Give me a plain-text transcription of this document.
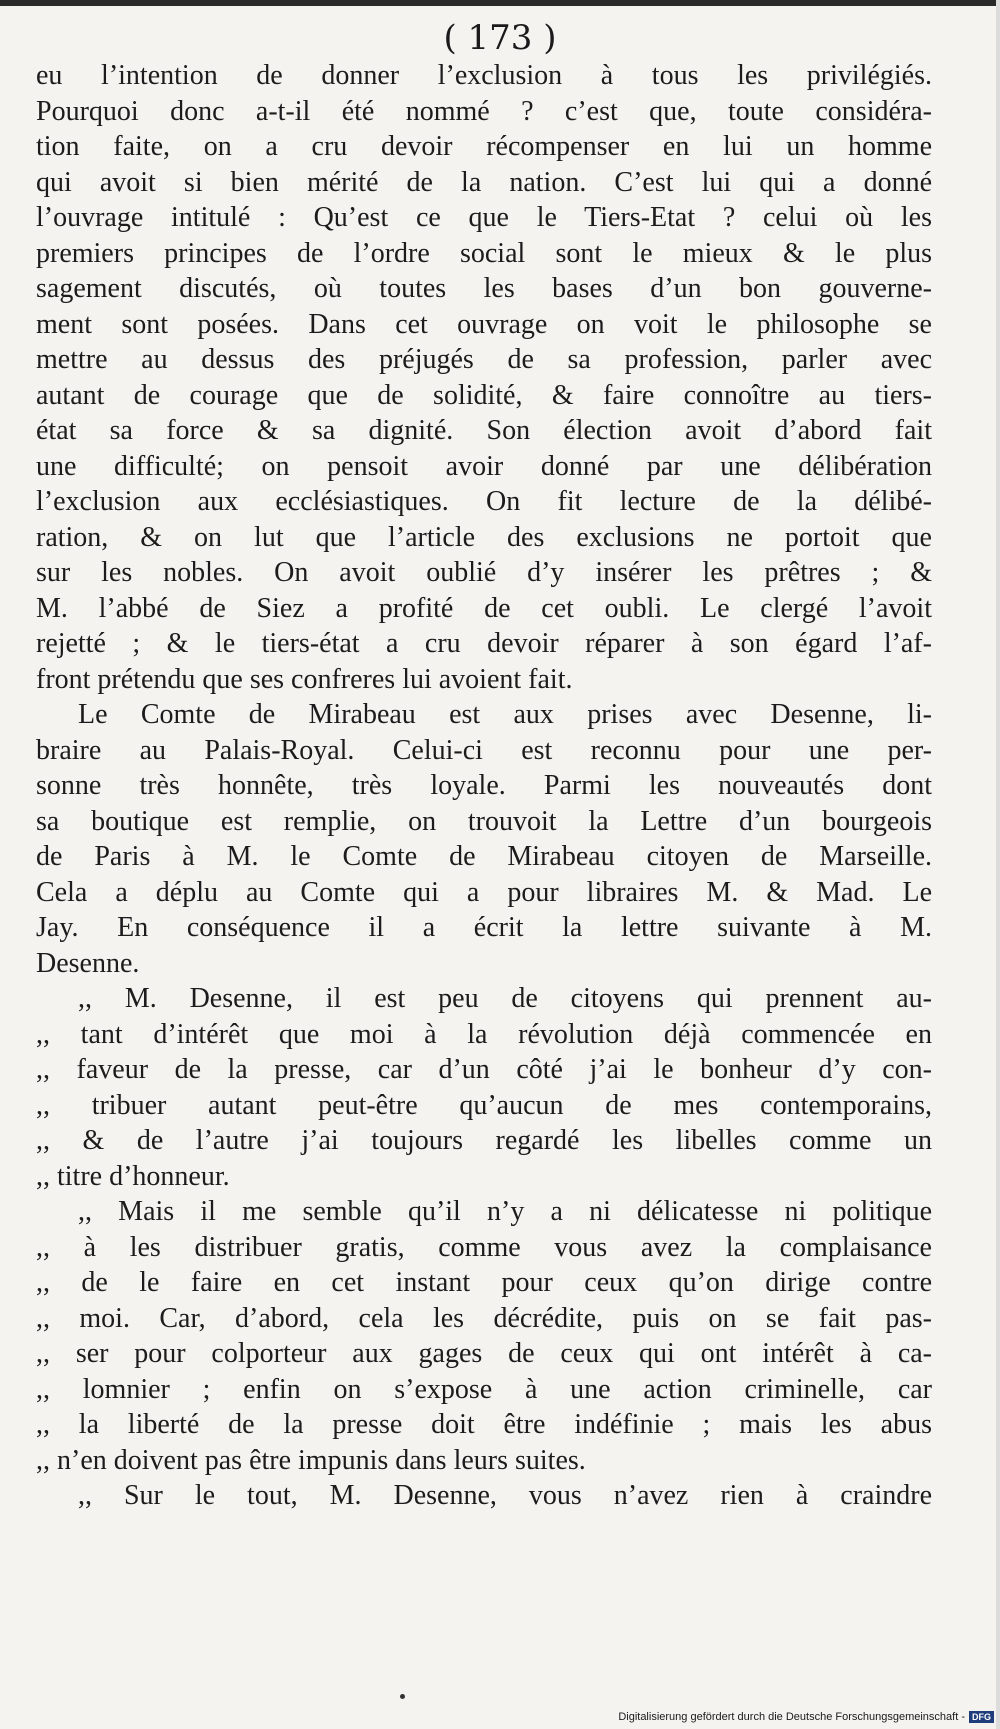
( 173 )
eu l’intention de donner l’exclusion à tous les privilégiés.
Pourquoi donc a-t-il été nommé ? c’est que, toute considéra-
tion faite, on a cru devoir récompenser en lui un homme
qui avoit si bien mérité de la nation. C’est lui qui a donné
l’ouvrage intitulé : Qu’est ce que le Tiers-Etat ? celui où les
premiers principes de l’ordre social sont le mieux & le plus
sagement discutés, où toutes les bases d’un bon gouverne-
ment sont posées. Dans cet ouvrage on voit le philosophe se
mettre au dessus des préjugés de sa profession, parler avec
autant de courage que de solidité, & faire connoître au tiers-
état sa force & sa dignité. Son élection avoit d’abord fait
une difficulté; on pensoit avoir donné par une délibération
l’exclusion aux ecclésiastiques. On fit lecture de la délibé-
ration, & on lut que l’article des exclusions ne portoit que
sur les nobles. On avoit oublié d’y insérer les prêtres ; &
M. l’abbé de Siez a profité de cet oubli. Le clergé l’avoit
rejetté ; & le tiers-état a cru devoir réparer à son égard l’af-
front prétendu que ses confreres lui avoient fait.
Le Comte de Mirabeau est aux prises avec Desenne, li-
braire au Palais-Royal. Celui-ci est reconnu pour une per-
sonne très honnête, très loyale. Parmi les nouveautés dont
sa boutique est remplie, on trouvoit la Lettre d’un bourgeois
de Paris à M. le Comte de Mirabeau citoyen de Marseille.
Cela a déplu au Comte qui a pour libraires M. & Mad. Le
Jay. En conséquence il a écrit la lettre suivante à M.
Desenne.
,, M. Desenne, il est peu de citoyens qui prennent au-
,, tant d’intérêt que moi à la révolution déjà commencée en
,, faveur de la presse, car d’un côté j’ai le bonheur d’y con-
,, tribuer autant peut-être qu’aucun de mes contemporains,
,, & de l’autre j’ai toujours regardé les libelles comme un
,, titre d’honneur.
,, Mais il me semble qu’il n’y a ni délicatesse ni politique
,, à les distribuer gratis, comme vous avez la complaisance
,, de le faire en cet instant pour ceux qu’on dirige contre
,, moi. Car, d’abord, cela les décrédite, puis on se fait pas-
,, ser pour colporteur aux gages de ceux qui ont intérêt à ca-
,, lomnier ; enfin on s’expose à une action criminelle, car
,, la liberté de la presse doit être indéfinie ; mais les abus
,, n’en doivent pas être impunis dans leurs suites.
,, Sur le tout, M. Desenne, vous n’avez rien à craindre
Digitalisierung gefördert durch die Deutsche Forschungsgemeinschaft - DFG
